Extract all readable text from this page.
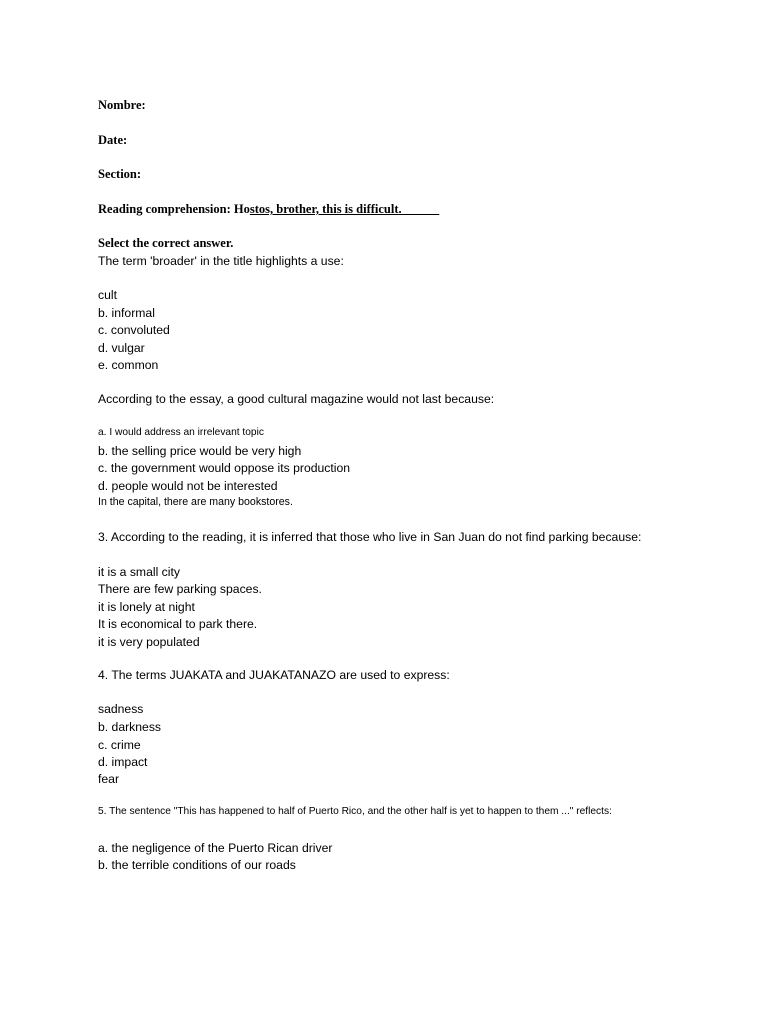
Nombre:

Date:

Section:

Reading comprehension: Hostos, brother, this is difficult.______

Select the correct answer.

The term 'broader' in the title highlights a use:

cult

b. informal

c. convoluted

d. vulgar

e. common

According to the essay, a good cultural magazine would not last because:

a. I would address an irrelevant topic

b. the selling price would be very high

c. the government would oppose its production

d. people would not be interested

In the capital, there are many bookstores.

3. According to the reading, it is inferred that those who live in San Juan do not find parking because:

it is a small city

There are few parking spaces.

it is lonely at night

It is economical to park there.

it is very populated

4. The terms JUAKATA and JUAKATANAZO are used to express:

sadness

b. darkness

c. crime

d. impact

fear

5. The sentence "This has happened to half of Puerto Rico, and the other half is yet to happen to them ..." reflects:

a. the negligence of the Puerto Rican driver

b. the terrible conditions of our roads
